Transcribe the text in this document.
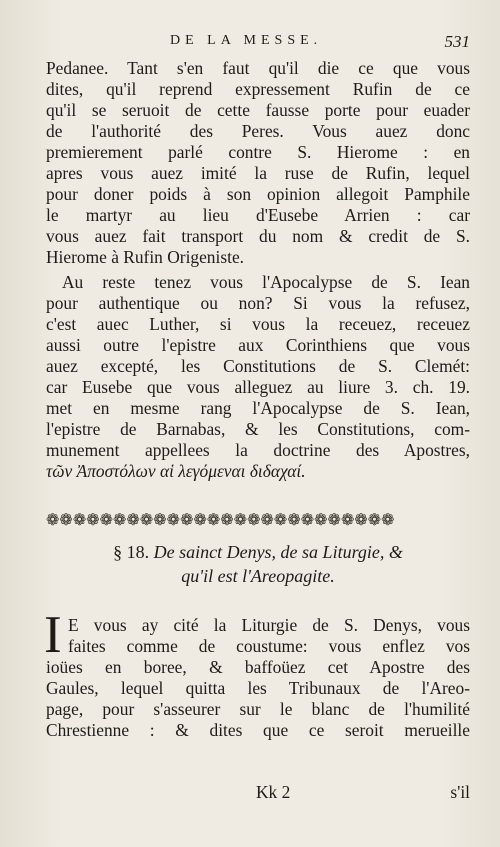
DE LA MESSE.	531
Pedanee. Tant s'en faut qu'il die ce que vous
dites, qu'il reprend expressement Rufin de ce
qu'il se seruoit de cette fausse porte pour euader
de l'authorité des Peres. Vous auez donc
premierement parlé contre S. Hierome : en
apres vous auez imité la ruse de Rufin, lequel
pour doner poids à son opinion allegoit Pamphile
le martyr au lieu d'Eusebe Arrien : car
vous auez fait transport du nom & credit de S.
Hierome à Rufin Origeniste.
Au reste tenez vous l'Apocalypse de S. Iean
pour authentique ou non? Si vous la refusez,
c'est auec Luther, si vous la receuez, receuez
aussi outre l'epistre aux Corinthiens que vous
auez excepté, les Constitutions de S. Clemét:
car Eusebe que vous alleguez au liure 3. ch. 19.
met en mesme rang l'Apocalypse de S. Iean,
l'epistre de Barnabas, & les Constitutions, com-
munement appellees la doctrine des Apostres,
τῶν Ἀποστόλων αἱ λεγόμεναι διδαχαί.
❁❁❁❁❁❁❁❁❁❁❁❁❁❁❁❁❁❁❁❁❁❁❁❁❁❁
§ 18. De sainct Denys, de sa Liturgie, &
qu'il est l'Areopagite.
I E vous ay cité la Liturgie de S. Denys, vous
faites comme de coustume: vous enflez vos
ioües en boree, & baffoüez cet Apostre des
Gaules, lequel quitta les Tribunaux de l'Areo-
page, pour s'asseurer sur le blanc de l'humilité
Chrestienne : & dites que ce seroit merueille
Kk 2	s'il
